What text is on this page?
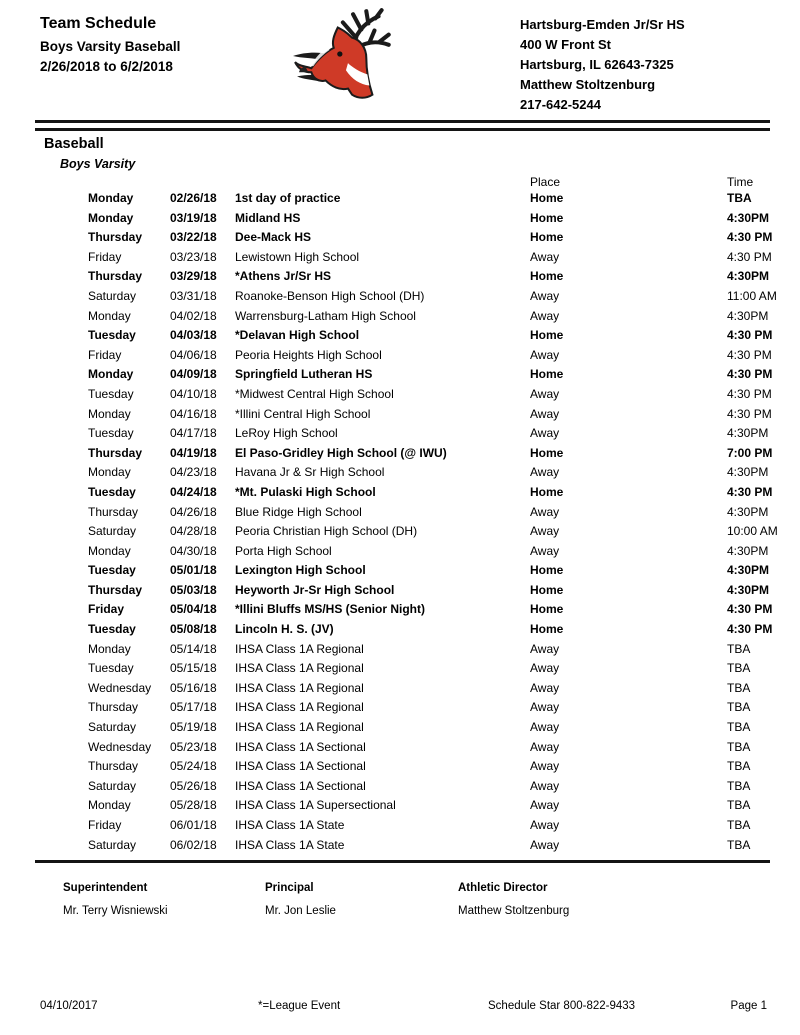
Team Schedule
Boys Varsity Baseball
2/26/2018 to 6/2/2018
Hartsburg-Emden Jr/Sr HS
400 W Front St
Hartsburg, IL 62643-7325
Matthew Stoltzenburg
217-642-5244
Baseball
Boys Varsity
Place	Time
Monday	02/26/18	1st day of practice	Home	TBA
Monday	03/19/18	Midland HS	Home	4:30PM
Thursday	03/22/18	Dee-Mack HS	Home	4:30 PM
Friday	03/23/18	Lewistown High School	Away	4:30 PM
Thursday	03/29/18	*Athens Jr/Sr HS	Home	4:30PM
Saturday	03/31/18	Roanoke-Benson High School (DH)	Away	11:00 AM
Monday	04/02/18	Warrensburg-Latham High School	Away	4:30PM
Tuesday	04/03/18	*Delavan High School	Home	4:30 PM
Friday	04/06/18	Peoria Heights High School	Away	4:30 PM
Monday	04/09/18	Springfield Lutheran HS	Home	4:30 PM
Tuesday	04/10/18	*Midwest Central High School	Away	4:30 PM
Monday	04/16/18	*Illini Central High School	Away	4:30 PM
Tuesday	04/17/18	LeRoy High School	Away	4:30PM
Thursday	04/19/18	El Paso-Gridley High School (@ IWU)	Home	7:00 PM
Monday	04/23/18	Havana Jr & Sr High School	Away	4:30PM
Tuesday	04/24/18	*Mt. Pulaski High School	Home	4:30 PM
Thursday	04/26/18	Blue Ridge High School	Away	4:30PM
Saturday	04/28/18	Peoria Christian High School (DH)	Away	10:00 AM
Monday	04/30/18	Porta High School	Away	4:30PM
Tuesday	05/01/18	Lexington High School	Home	4:30PM
Thursday	05/03/18	Heyworth Jr-Sr High School	Home	4:30PM
Friday	05/04/18	*Illini Bluffs MS/HS (Senior Night)	Home	4:30 PM
Tuesday	05/08/18	Lincoln H. S. (JV)	Home	4:30 PM
Monday	05/14/18	IHSA Class 1A Regional	Away	TBA
Tuesday	05/15/18	IHSA Class 1A Regional	Away	TBA
Wednesday	05/16/18	IHSA Class 1A Regional	Away	TBA
Thursday	05/17/18	IHSA Class 1A Regional	Away	TBA
Saturday	05/19/18	IHSA Class 1A Regional	Away	TBA
Wednesday	05/23/18	IHSA Class 1A Sectional	Away	TBA
Thursday	05/24/18	IHSA Class 1A Sectional	Away	TBA
Saturday	05/26/18	IHSA Class 1A Sectional	Away	TBA
Monday	05/28/18	IHSA Class 1A Supersectional	Away	TBA
Friday	06/01/18	IHSA Class 1A State	Away	TBA
Saturday	06/02/18	IHSA Class 1A State	Away	TBA
Superintendent
Mr. Terry Wisniewski
Principal
Mr. Jon Leslie
Athletic Director
Matthew Stoltzenburg
04/10/2017	*=League Event	Schedule Star 800-822-9433	Page 1
